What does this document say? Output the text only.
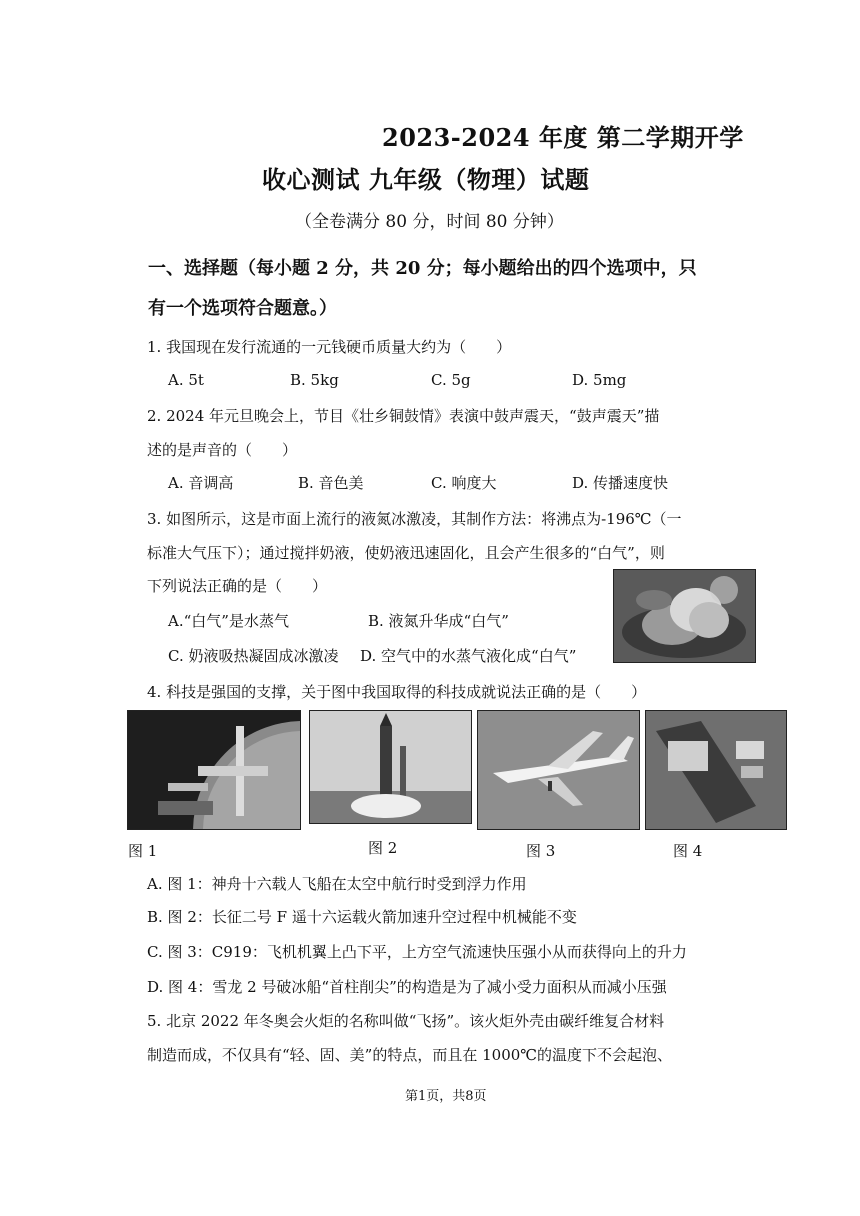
2023-2024 年度 第二学期开学
收心测试 九年级（物理）试题
（全卷满分 80 分，时间 80 分钟）
一、选择题（每小题 2 分，共 20 分；每小题给出的四个选项中，只
有一个选项符合题意。）
1. 我国现在发行流通的一元钱硬币质量大约为（　　）
A. 5t	B. 5kg	C. 5g	D. 5mg
2. 2024 年元旦晚会上，节目《壮乡铜鼓情》表演中鼓声震天，“鼓声震天”描
述的是声音的（　　）
A. 音调高	B. 音色美	C. 响度大	D. 传播速度快
3. 如图所示，这是市面上流行的液氮冰激凌，其制作方法：将沸点为-196℃（一
标准大气压下）；通过搅拌奶液，使奶液迅速固化，且会产生很多的“白气”，则
下列说法正确的是（　　）
A.“白气”是水蒸气	B. 液氮升华成“白气”
C. 奶液吸热凝固成冰激凌 D. 空气中的水蒸气液化成“白气”
4. 科技是强国的支撑，关于图中我国取得的科技成就说法正确的是（　　）
图 1	图 2	图 3	图 4
A. 图 1：神舟十六载人飞船在太空中航行时受到浮力作用
B. 图 2：长征二号 F 遥十六运载火箭加速升空过程中机械能不变
C. 图 3：C919：飞机机翼上凸下平，上方空气流速快压强小从而获得向上的升力
D. 图 4：雪龙 2 号破冰船“首柱削尖”的构造是为了减小受力面积从而减小压强
5. 北京 2022 年冬奥会火炬的名称叫做“飞扬”。该火炬外壳由碳纤维复合材料
制造而成，不仅具有“轻、固、美”的特点，而且在 1000℃的温度下不会起泡、
第1页，共8页
